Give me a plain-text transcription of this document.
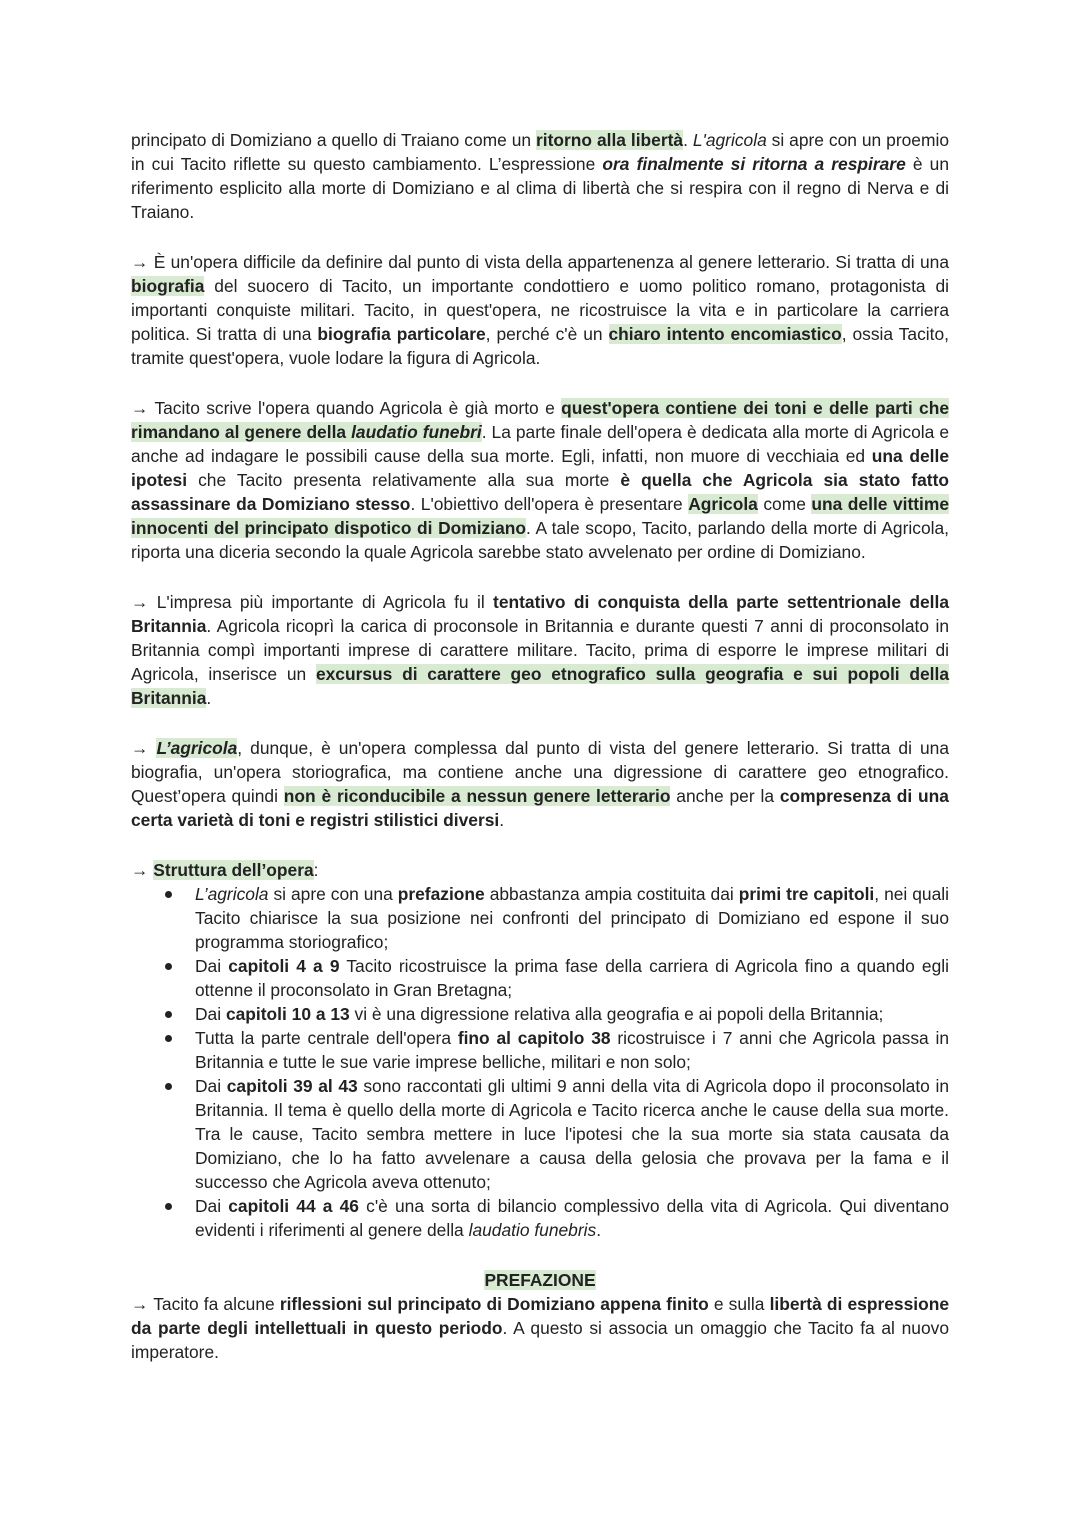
principato di Domiziano a quello di Traiano come un ritorno alla libertà. L'agricola si apre con un proemio in cui Tacito riflette su questo cambiamento. L’espressione ora finalmente si ritorna a respirare è un riferimento esplicito alla morte di Domiziano e al clima di libertà che si respira con il regno di Nerva e di Traiano.

→ È un'opera difficile da definire dal punto di vista della appartenenza al genere letterario. Si tratta di una biografia del suocero di Tacito, un importante condottiero e uomo politico romano, protagonista di importanti conquiste militari. Tacito, in quest'opera, ne ricostruisce la vita e in particolare la carriera politica. Si tratta di una biografia particolare, perché c'è un chiaro intento encomiastico, ossia Tacito, tramite quest'opera, vuole lodare la figura di Agricola.

→ Tacito scrive l'opera quando Agricola è già morto e quest'opera contiene dei toni e delle parti che rimandano al genere della laudatio funebri. La parte finale dell'opera è dedicata alla morte di Agricola e anche ad indagare le possibili cause della sua morte. Egli, infatti, non muore di vecchiaia ed una delle ipotesi che Tacito presenta relativamente alla sua morte è quella che Agricola sia stato fatto assassinare da Domiziano stesso. L'obiettivo dell'opera è presentare Agricola come una delle vittime innocenti del principato dispotico di Domiziano. A tale scopo, Tacito, parlando della morte di Agricola, riporta una diceria secondo la quale Agricola sarebbe stato avvelenato per ordine di Domiziano.

→ L'impresa più importante di Agricola fu il tentativo di conquista della parte settentrionale della Britannia. Agricola ricoprì la carica di proconsole in Britannia e durante questi 7 anni di proconsolato in Britannia compì importanti imprese di carattere militare. Tacito, prima di esporre le imprese militari di Agricola, inserisce un excursus di carattere geo etnografico sulla geografia e sui popoli della Britannia.

→ L’agricola, dunque, è un'opera complessa dal punto di vista del genere letterario. Si tratta di una biografia, un'opera storiografica, ma contiene anche una digressione di carattere geo etnografico. Quest’opera quindi non è riconducibile a nessun genere letterario anche per la compresenza di una certa varietà di toni e registri stilistici diversi.

→ Struttura dell’opera:

L’agricola si apre con una prefazione abbastanza ampia costituita dai primi tre capitoli, nei quali Tacito chiarisce la sua posizione nei confronti del principato di Domiziano ed espone il suo programma storiografico;
Dai capitoli 4 a 9 Tacito ricostruisce la prima fase della carriera di Agricola fino a quando egli ottenne il proconsolato in Gran Bretagna;
Dai capitoli 10 a 13 vi è una digressione relativa alla geografia e ai popoli della Britannia;
Tutta la parte centrale dell'opera fino al capitolo 38 ricostruisce i 7 anni che Agricola passa in Britannia e tutte le sue varie imprese belliche, militari e non solo;
Dai capitoli 39 al 43 sono raccontati gli ultimi 9 anni della vita di Agricola dopo il proconsolato in Britannia. Il tema è quello della morte di Agricola e Tacito ricerca anche le cause della sua morte. Tra le cause, Tacito sembra mettere in luce l'ipotesi che la sua morte sia stata causata da Domiziano, che lo ha fatto avvelenare a causa della gelosia che provava per la fama e il successo che Agricola aveva ottenuto;
Dai capitoli 44 a 46 c'è una sorta di bilancio complessivo della vita di Agricola. Qui diventano evidenti i riferimenti al genere della laudatio funebris.

PREFAZIONE

→ Tacito fa alcune riflessioni sul principato di Domiziano appena finito e sulla libertà di espressione da parte degli intellettuali in questo periodo. A questo si associa un omaggio che Tacito fa al nuovo imperatore.
